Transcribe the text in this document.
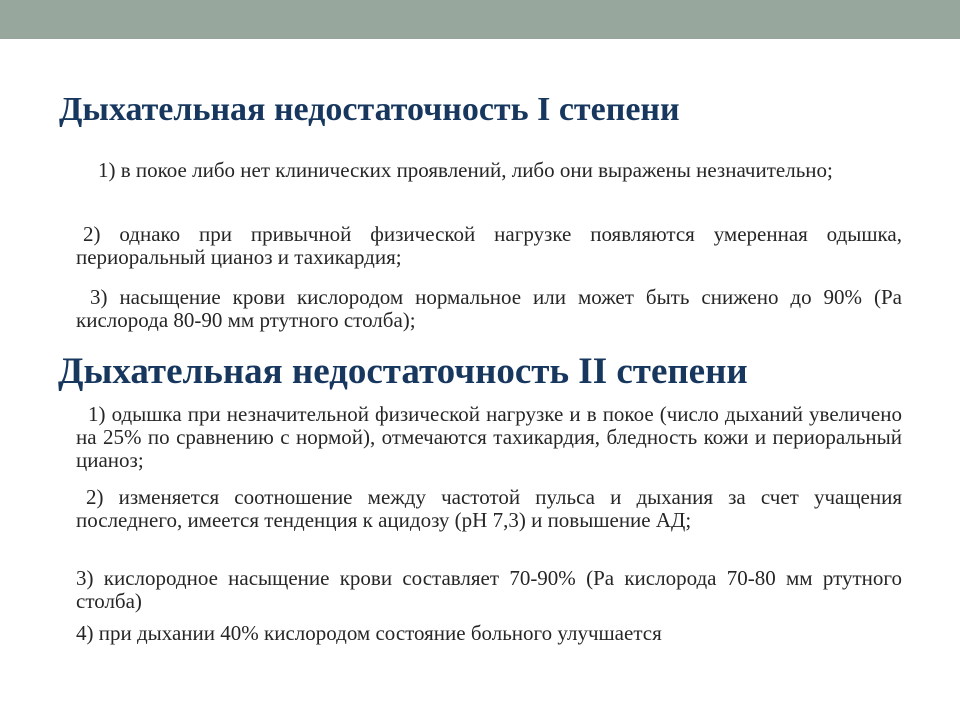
Дыхательная недостаточность I степени

1) в покое либо нет клинических проявлений, либо они выражены незначительно;

2) однако при привычной физической нагрузке появляются умеренная одышка, периоральный цианоз и тахикардия;

3) насыщение крови кислородом нормальное или может быть снижено до 90% (Pa кислорода 80-90 мм ртутного столба);

Дыхательная недостаточность II степени

1) одышка при незначительной физической нагрузке и в покое (число дыханий увеличено на 25% по сравнению с нормой), отмечаются тахикардия, бледность кожи и периоральный цианоз;

2) изменяется соотношение между частотой пульса и дыхания за счет учащения последнего, имеется тенденция к ацидозу (pH 7,3) и повышение АД;

3) кислородное насыщение крови составляет 70-90% (Pa кислорода 70-80 мм ртутного столба)

4) при дыхании 40% кислородом состояние больного улучшается
